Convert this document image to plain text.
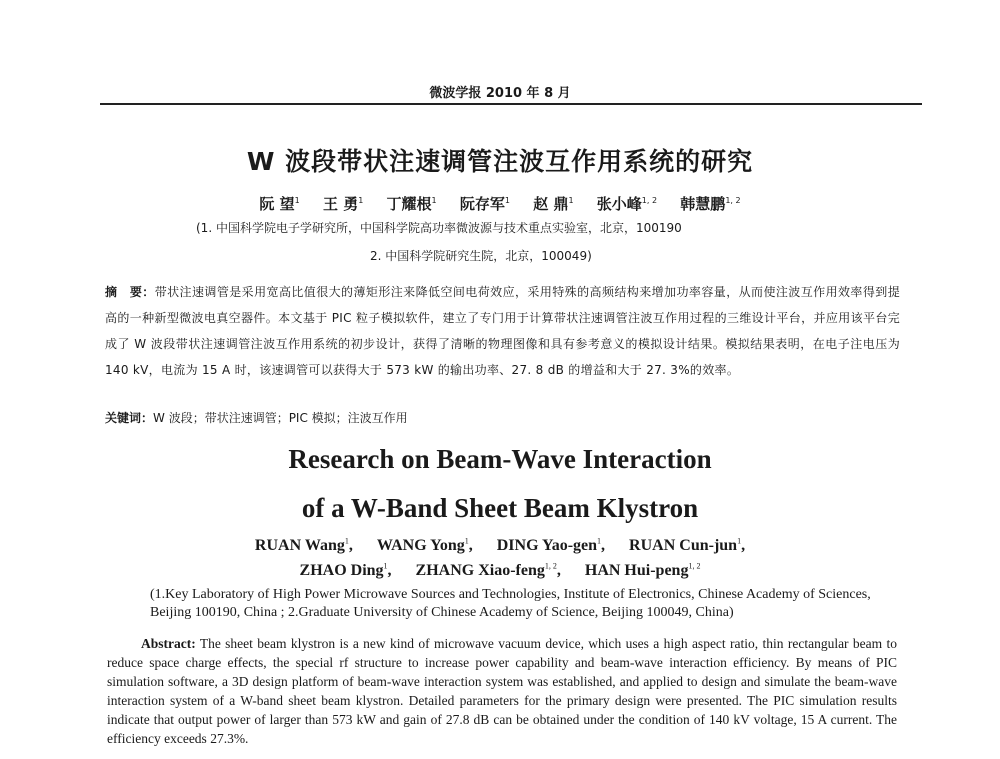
微波学报 2010 年 8 月
W 波段带状注速调管注波互作用系统的研究
阮 望$^1$ 王 勇$^1$ 丁耀根$^1$ 阮存军$^1$ 赵 鼎$^1$ 张小峰$^{1, 2}$ 韩慧鹏$^{1, 2}$
(1. 中国科学院电子学研究所，中国科学院高功率微波源与技术重点实验室，北京，100190
2. 中国科学院研究生院，北京，100049)
摘　要：带状注速调管是采用宽高比值很大的薄矩形注来降低空间电荷效应，采用特殊的高频结构来增加功率容量，从而使注波互作用效率得到提高的一种新型微波电真空器件。本文基于 PIC 粒子模拟软件，建立了专门用于计算带状注速调管注波互作用过程的三维设计平台，并应用该平台完成了 W 波段带状注速调管注波互作用系统的初步设计，获得了清晰的物理图像和具有参考意义的模拟设计结果。模拟结果表明，在电子注电压为 140 kV，电流为 15 A 时，该速调管可以获得大于 573 kW 的输出功率、27. 8 dB 的增益和大于 27. 3%的效率。
关键词：W 波段；带状注速调管；PIC 模拟；注波互作用
Research on Beam-Wave Interaction
of a W-Band Sheet Beam Klystron
RUAN Wang$^1$, WANG Yong$^1$, DING Yao-gen$^1$, RUAN Cun-jun$^1$,
ZHAO Ding$^1$, ZHANG Xiao-feng$^{1, 2}$, HAN Hui-peng$^{1, 2}$
(1.Key Laboratory of High Power Microwave Sources and Technologies, Institute of Electronics, Chinese Academy of Sciences, Beijing 100190, China ; 2.Graduate University of Chinese Academy of Science, Beijing 100049, China)
Abstract: The sheet beam klystron is a new kind of microwave vacuum device, which uses a high aspect ratio, thin rectangular beam to reduce space charge effects, the special rf structure to increase power capability and beam-wave interaction efficiency. By means of PIC simulation software, a 3D design platform of beam-wave interaction system was established, and applied to design and simulate the beam-wave interaction system of a W-band sheet beam klystron. Detailed parameters for the primary design were presented. The PIC simulation results indicate that output power of larger than 573 kW and gain of 27.8 dB can be obtained under the condition of 140 kV voltage, 15 A current. The efficiency exceeds 27.3%.
